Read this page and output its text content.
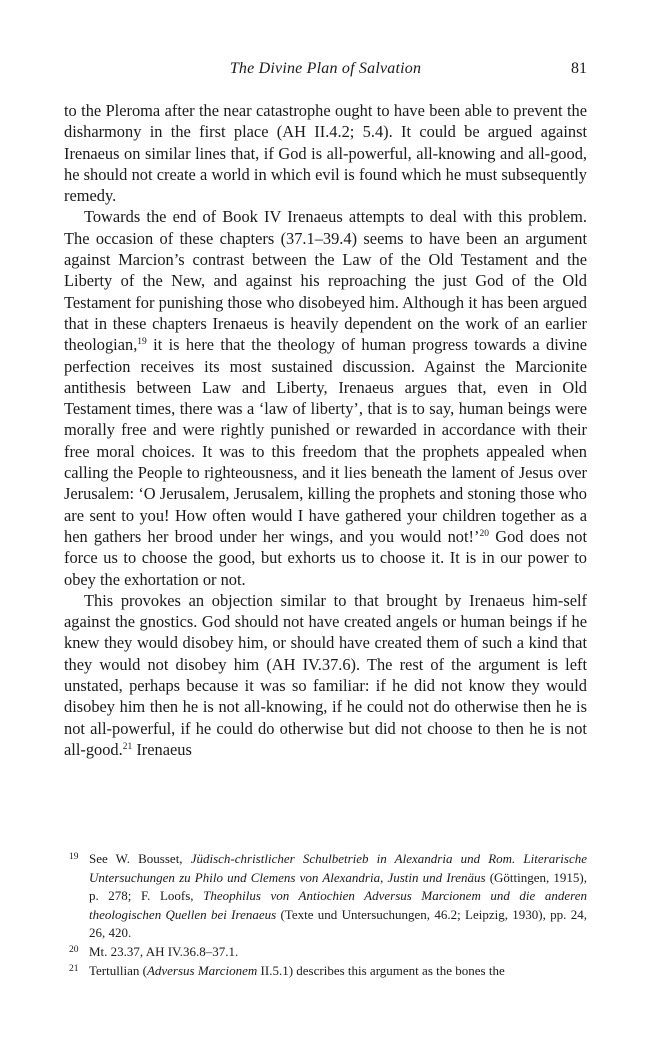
The Divine Plan of Salvation	81

to the Pleroma after the near catastrophe ought to have been able to prevent the disharmony in the first place (AH II.4.2; 5.4). It could be argued against Irenaeus on similar lines that, if God is all-powerful, all-knowing and all-good, he should not create a world in which evil is found which he must subsequently remedy.

Towards the end of Book IV Irenaeus attempts to deal with this problem. The occasion of these chapters (37.1–39.4) seems to have been an argument against Marcion’s contrast between the Law of the Old Testament and the Liberty of the New, and against his reproaching the just God of the Old Testament for punishing those who disobeyed him. Although it has been argued that in these chapters Irenaeus is heavily dependent on the work of an earlier theologian,$^{19}$ it is here that the theology of human progress towards a divine perfection receives its most sustained discussion. Against the Marcionite antithesis between Law and Liberty, Irenaeus argues that, even in Old Testament times, there was a ‘law of liberty’, that is to say, human beings were morally free and were rightly punished or rewarded in accordance with their free moral choices. It was to this freedom that the prophets appealed when calling the People to righteousness, and it lies beneath the lament of Jesus over Jerusalem: ‘O Jerusalem, Jerusalem, killing the prophets and stoning those who are sent to you! How often would I have gathered your children together as a hen gathers her brood under her wings, and you would not!’$^{20}$ God does not force us to choose the good, but exhorts us to choose it. It is in our power to obey the exhortation or not.

This provokes an objection similar to that brought by Irenaeus him-self against the gnostics. God should not have created angels or human beings if he knew they would disobey him, or should have created them of such a kind that they would not disobey him (AH IV.37.6). The rest of the argument is left unstated, perhaps because it was so familiar: if he did not know they would disobey him then he is not all-knowing, if he could not do otherwise then he is not all-powerful, if he could do otherwise but did not choose to then he is not all-good.$^{21}$ Irenaeus

19 See W. Bousset, Jüdisch-christlicher Schulbetrieb in Alexandria und Rom. Literarische Untersuchungen zu Philo und Clemens von Alexandria, Justin und Irenäus (Göttingen, 1915), p. 278; F. Loofs, Theophilus von Antiochien Adversus Marcionem und die anderen theologischen Quellen bei Irenaeus (Texte und Untersuchungen, 46.2; Leipzig, 1930), pp. 24, 26, 420.

20 Mt. 23.37, AH IV.36.8–37.1.

21 Tertullian (Adversus Marcionem II.5.1) describes this argument as the bones the
